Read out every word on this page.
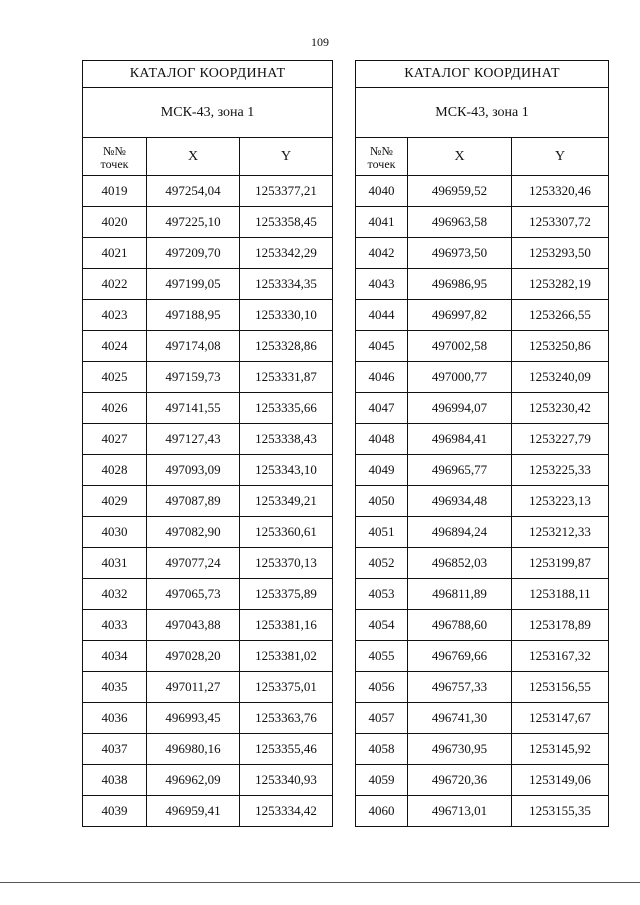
109
КАТАЛОГ КООРДИНАТ		
МСК-43, зона 1		
№№
точек	X	Y
4019	497254,04	1253377,21
4020	497225,10	1253358,45
4021	497209,70	1253342,29
4022	497199,05	1253334,35
4023	497188,95	1253330,10
4024	497174,08	1253328,86
4025	497159,73	1253331,87
4026	497141,55	1253335,66
4027	497127,43	1253338,43
4028	497093,09	1253343,10
4029	497087,89	1253349,21
4030	497082,90	1253360,61
4031	497077,24	1253370,13
4032	497065,73	1253375,89
4033	497043,88	1253381,16
4034	497028,20	1253381,02
4035	497011,27	1253375,01
4036	496993,45	1253363,76
4037	496980,16	1253355,46
4038	496962,09	1253340,93
4039	496959,41	1253334,42
КАТАЛОГ КООРДИНАТ		
МСК-43, зона 1		
№№
точек	X	Y
4040	496959,52	1253320,46
4041	496963,58	1253307,72
4042	496973,50	1253293,50
4043	496986,95	1253282,19
4044	496997,82	1253266,55
4045	497002,58	1253250,86
4046	497000,77	1253240,09
4047	496994,07	1253230,42
4048	496984,41	1253227,79
4049	496965,77	1253225,33
4050	496934,48	1253223,13
4051	496894,24	1253212,33
4052	496852,03	1253199,87
4053	496811,89	1253188,11
4054	496788,60	1253178,89
4055	496769,66	1253167,32
4056	496757,33	1253156,55
4057	496741,30	1253147,67
4058	496730,95	1253145,92
4059	496720,36	1253149,06
4060	496713,01	1253155,35
